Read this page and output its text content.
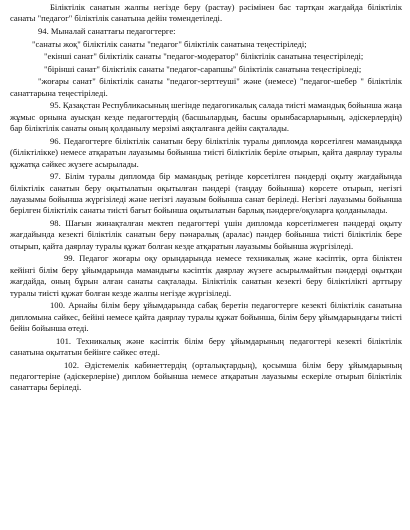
Біліктілік санатын жалпы негізде беру (растау) рәсімінен бас тартқан жағдайда біліктілік санаты "педагог" біліктілік санатына дейін төмендетіледі.

94. Мыналай санаттағы педагогтерге:

"санаты жоқ" біліктілік санаты "педагог" біліктілік санатына теңестіріледі;

"екінші санат" біліктілік санаты "педагог-модератор" біліктілік санатына теңестіріледі;

"бірінші санат" біліктілік санаты "педагог-сарапшы" біліктілік санатына теңестіріледі;

"жоғары санат" біліктілік санаты "педагог-зерттеуші" және (немесе) "педагог-шебер " біліктілік санаттарына теңестіріледі.

95. Қазақстан Республикасының шегінде педагогикалық салада тиісті мамандық бойынша жаңа жұмыс орнына ауысқан кезде педагогтердің (басшылардың, басшы орынбасарларының, әдіскерлердің) бар біліктілік санаты оның қолданылу мерзімі аяқталғанға дейін сақталады.

96. Педагогтерге біліктілік санатын беру біліктілік туралы дипломда көрсетілген мамандыққа (біліктілікке) немесе атқаратын лауазымы бойынша тиісті біліктілік беріле отырып, қайта даярлау туралы құжатқа сәйкес жүзеге асырылады.

97. Білім туралы дипломда бір мамандық ретінде көрсетілген пәндерді оқыту жағдайында біліктілік санатын беру оқытылатын оқытылған пәндері (таңдау бойынша) көрсете отырып, негізгі лауазымы бойынша жүргізіледі және негізгі лауазым бойынша санат беріледі. Негізгі лауазымы бойынша берілген біліктілік санаты тиісті бағыт бойынша оқытылатын барлық пәндерге/оқуларға қолданылады.

98. Шағын жинақталған мектеп педагогтері үшін дипломда көрсетілмеген пәндерді оқыту жағдайында кезекті біліктілік санатын беру пәнаралық (аралас) пәндер бойынша тиісті біліктілік бере отырып, қайта даярлау туралы құжат болған кезде атқаратын лауазымы бойынша жүргізіледі.

99. Педагог жоғары оқу орындарында немесе техникалық және кәсіптік, орта біліктен кейінгі білім беру ұйымдарында мамандығы кәсіптік даярлау жүзеге асырылмайтын пәндерді оқытқан жағдайда, оның бұрын алған санаты сақталады. Біліктілік санатын кезекті беру біліктілікті арттыру туралы тиісті құжат болған кезде жалпы негізде жүргізіледі.

100. Арнайы білім беру ұйымдарында сабақ беретін педагогтерге кезекті біліктілік санатына дипломына сәйкес, бейіні немесе қайта даярлау туралы құжат бойынша, білім беру ұйымдарындағы тиісті бейін бойынша өтеді.

101. Техникалық және кәсіптік білім беру ұйымдарының педагогтері кезекті біліктілік санатына оқытатын бейінге сәйкес өтеді.

102. Әдістемелік кабинеттердің (орталықтардың), қосымша білім беру ұйымдарының педагогтеріне (әдіскерлеріне) диплом бойынша немесе атқаратын лауазымы ескеріле отырып біліктілік санаттары беріледі.
